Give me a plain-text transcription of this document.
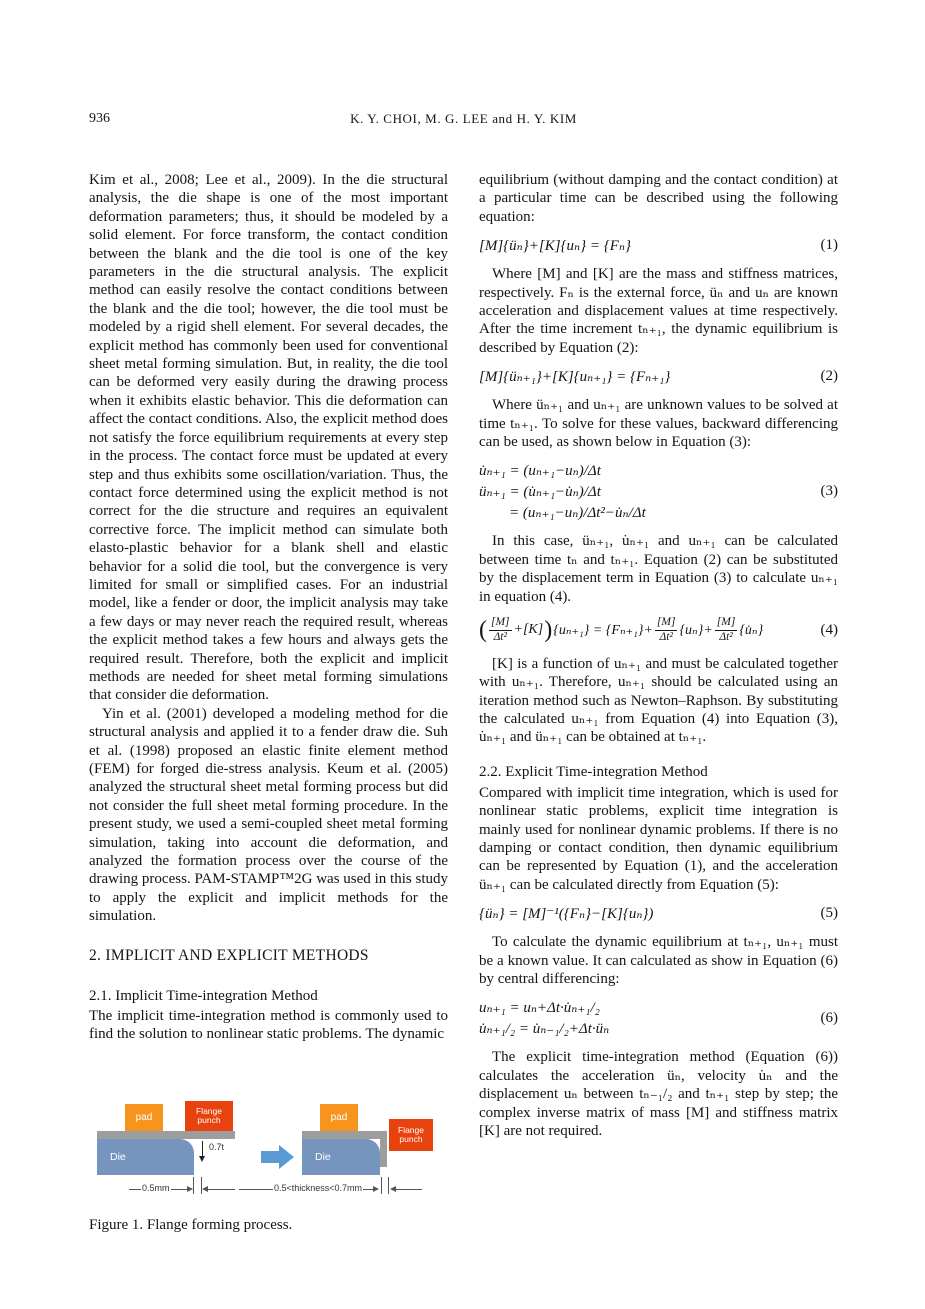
936	K. Y. CHOI, M. G. LEE and H. Y. KIM

Kim et al., 2008; Lee et al., 2009). In the die structural analysis, the die shape is one of the most important deformation parameters; thus, it should be modeled by a solid element. For force transform, the contact condition between the blank and the die tool is one of the key parameters in the die structural analysis. The explicit method can easily resolve the contact conditions between the blank and the die tool; however, the die tool must be modeled by a rigid shell element. For several decades, the explicit method has commonly been used for conventional sheet metal forming simulation. But, in reality, the die tool can be deformed very easily during the drawing process when it exhibits elastic behavior. This die deformation can affect the contact conditions. Also, the explicit method does not satisfy the force equilibrium requirements at every step in the process. The contact force must be updated at every step and thus exhibits some oscillation/variation. Thus, the contact force determined using the explicit method is not correct for the die structure and requires an equivalent corrective force. The implicit method can simulate both elasto-plastic behavior for a blank shell and elastic behavior for a solid die tool, but the convergence is very limited for small or simplified cases. For an industrial model, like a fender or door, the implicit analysis may take a few days or may never reach the required result, whereas the explicit method takes a few hours and always gets the required result. Therefore, both the explicit and implicit methods are needed for sheet metal forming simulations that consider die deformation.

Yin et al. (2001) developed a modeling method for die structural analysis and applied it to a fender draw die. Suh et al. (1998) proposed an elastic finite element method (FEM) for forged die-stress analysis. Keum et al. (2005) analyzed the structural sheet metal forming process but did not consider the full sheet metal forming procedure. In the present study, we used a semi-coupled sheet metal forming simulation, taking into account die deformation, and analyzed the formation process over the course of the drawing process. PAM-STAMP™2G was used in this study to apply the explicit and implicit methods for the simulation.

2. IMPLICIT AND EXPLICIT METHODS
2.1. Implicit Time-integration Method

The implicit time-integration method is commonly used to find the solution to nonlinear static problems. The dynamic

Die
pad
Flange punch
0.7t
0.5mm
Die
pad
Flange punch
0.5<thickness<0.7mm

Figure 1. Flange forming process.

equilibrium (without damping and the contact condition) at a particular time can be described using the following equation:

[M]{üₙ}+[K]{uₙ} = {Fₙ}	(1)

Where [M] and [K] are the mass and stiffness matrices, respectively. Fₙ is the external force, üₙ and uₙ are known acceleration and displacement values at time respectively. After the time increment tₙ₊₁, the dynamic equilibrium is described by Equation (2):

[M]{üₙ₊₁}+[K]{uₙ₊₁} = {Fₙ₊₁}	(2)

Where üₙ₊₁ and uₙ₊₁ are unknown values to be solved at time tₙ₊₁. To solve for these values, backward differencing can be used, as shown below in Equation (3):

u̇ₙ₊₁ = (uₙ₊₁−uₙ)/Δt
üₙ₊₁ = (u̇ₙ₊₁−u̇ₙ)/Δt
= (uₙ₊₁−uₙ)/Δt²−u̇ₙ/Δt
(3)

In this case, üₙ₊₁, u̇ₙ₊₁ and uₙ₊₁ can be calculated between time tₙ and tₙ₊₁. Equation (2) can be substituted by the displacement term in Equation (3) to calculate uₙ₊₁ in equation (4).

( $\frac{[M]}{\text{Δt²}} +[K]$ ) $\{u_{n+1}\} = \{F_{n+1}\}+ \frac{[M]}{\text{Δt²}} \{u_n\}+ \frac{[M]}{\text{Δt²}}$ {u̇ₙ}	(4)

[K] is a function of uₙ₊₁ and must be calculated together with uₙ₊₁. Therefore, uₙ₊₁ should be calculated using an iteration method such as Newton–Raphson. By substituting the calculated uₙ₊₁ from Equation (4) into Equation (3), u̇ₙ₊₁ and üₙ₊₁ can be obtained at tₙ₊₁.

2.2. Explicit Time-integration Method

Compared with implicit time integration, which is used for nonlinear static problems, explicit time integration is mainly used for nonlinear dynamic problems. If there is no damping or contact condition, then dynamic equilibrium can be represented by Equation (1), and the acceleration üₙ₊₁ can be calculated directly from Equation (5):

{üₙ} = [M]⁻¹({Fₙ}−[K]{uₙ})	(5)

To calculate the dynamic equilibrium at tₙ₊₁, uₙ₊₁ must be a known value. It can calculated as show in Equation (6) by central differencing:

uₙ₊₁ = uₙ+Δt·u̇ₙ₊₁/₂
u̇ₙ₊₁/₂ = u̇ₙ₋₁/₂+Δt·üₙ
(6)

The explicit time-integration method (Equation (6)) calculates the acceleration üₙ, velocity u̇ₙ and the displacement uₙ between tₙ₋₁/₂ and tₙ₊₁ step by step; the complex inverse matrix of mass [M] and stiffness matrix [K] are not required.
